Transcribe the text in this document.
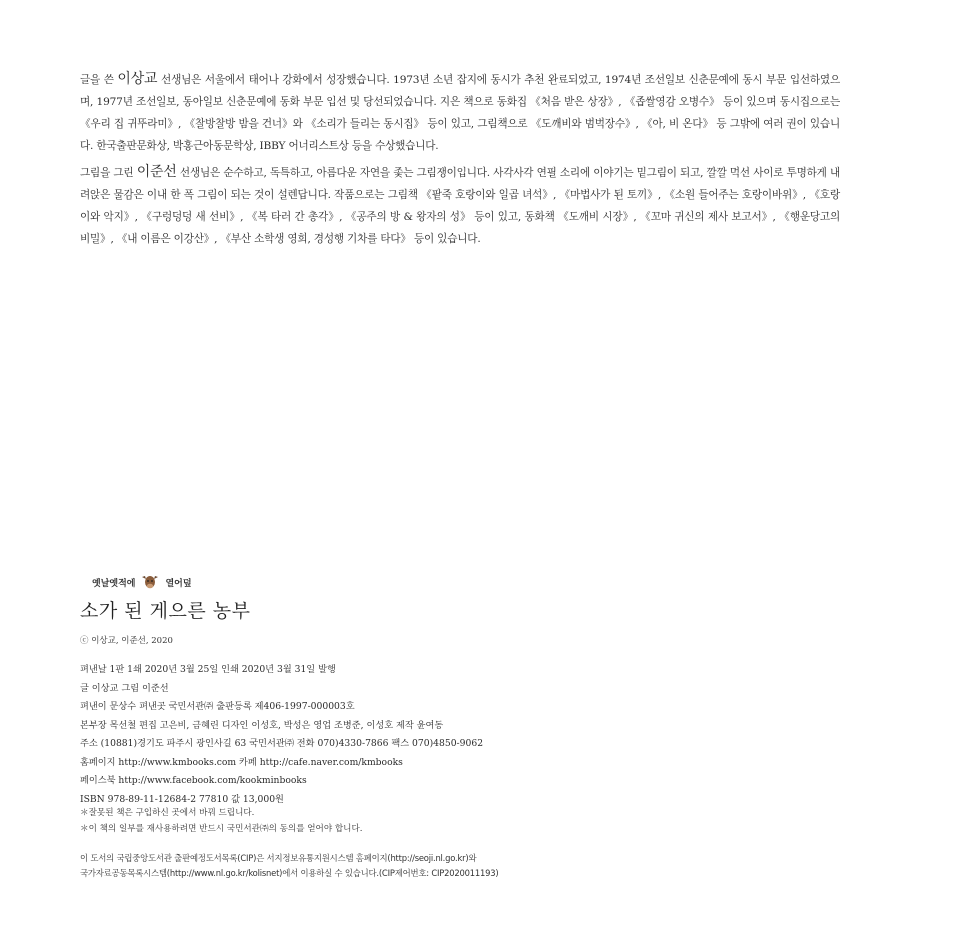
글을 쓴 이상교 선생님은 서울에서 태어나 강화에서 성장했습니다. 1973년 소년 잡지에 동시가 추천 완료되었고, 1974년 조선일보 신춘문예에 동시 부문 입선하였으며, 1977년 조선일보, 동아일보 신춘문예에 동화 부문 입선 및 당선되었습니다. 지은 책으로 동화집 《처음 받은 상장》, 《좁쌀영감 오병수》 등이 있으며 동시집으로는 《우리 집 귀뚜라미》, 《찰방찰방 밤을 건너》와 《소리가 들리는 동시집》 등이 있고, 그림책으로 《도깨비와 범벅장수》, 《아, 비 온다》 등 그밖에 여러 권이 있습니다. 한국출판문화상, 박홍근아동문학상, IBBY 어너리스트상 등을 수상했습니다.

그림을 그린 이준선 선생님은 순수하고, 독특하고, 아름다운 자연을 좇는 그림쟁이입니다. 사각사각 연필 소리에 이야기는 밑그림이 되고, 깔깔 먹선 사이로 투명하게 내려앉은 물감은 이내 한 폭 그림이 되는 것이 설렌답니다. 작품으로는 그림책 《팥죽 호랑이와 일곱 녀석》, 《마법사가 된 토끼》, 《소원 들어주는 호랑이바위》, 《호랑이와 악지》, 《구렁덩덩 새 선비》, 《복 타러 간 총각》, 《공주의 방 & 왕자의 성》 등이 있고, 동화책 《도깨비 시장》, 《꼬마 귀신의 제사 보고서》, 《행운당고의 비밀》, 《내 이름은 이강산》, 《부산 소학생 영희, 경성행 기차를 타다》 등이 있습니다.

옛날옛적에	열어덮
소가 된 게으른 농부
ⓒ 이상교, 이준선, 2020
펴낸날 1판 1쇄 2020년 3월 25일 인쇄 2020년 3월 31일 발행
글 이상교 그림 이준선
펴낸이 문상수 펴낸곳 국민서관㈜ 출판등록 제406-1997-000003호
본부장 목선철 편집 고은비, 금혜린 디자인 이성호, 박성은 영업 조병준, 이성호 제작 윤여동
주소 (10881)경기도 파주시 광인사길 63 국민서관㈜ 전화 070)4330-7866 팩스 070)4850-9062
홈페이지 http://www.kmbooks.com 카페 http://cafe.naver.com/kmbooks
페이스북 http://www.facebook.com/kookminbooks
ISBN 978-89-11-12684-2 77810 값 13,000원
＊잘못된 책은 구입하신 곳에서 바꿔 드립니다.
＊이 책의 일부를 재사용하려면 반드시 국민서관㈜의 동의를 얻어야 합니다.
이 도서의 국립중앙도서관 출판예정도서목록(CIP)은 서지정보유통지원시스템 홈페이지(http://seoji.nl.go.kr)와
국가자료공동목록시스템(http://www.nl.go.kr/kolisnet)에서 이용하실 수 있습니다.(CIP제어번호: CIP2020011193)
